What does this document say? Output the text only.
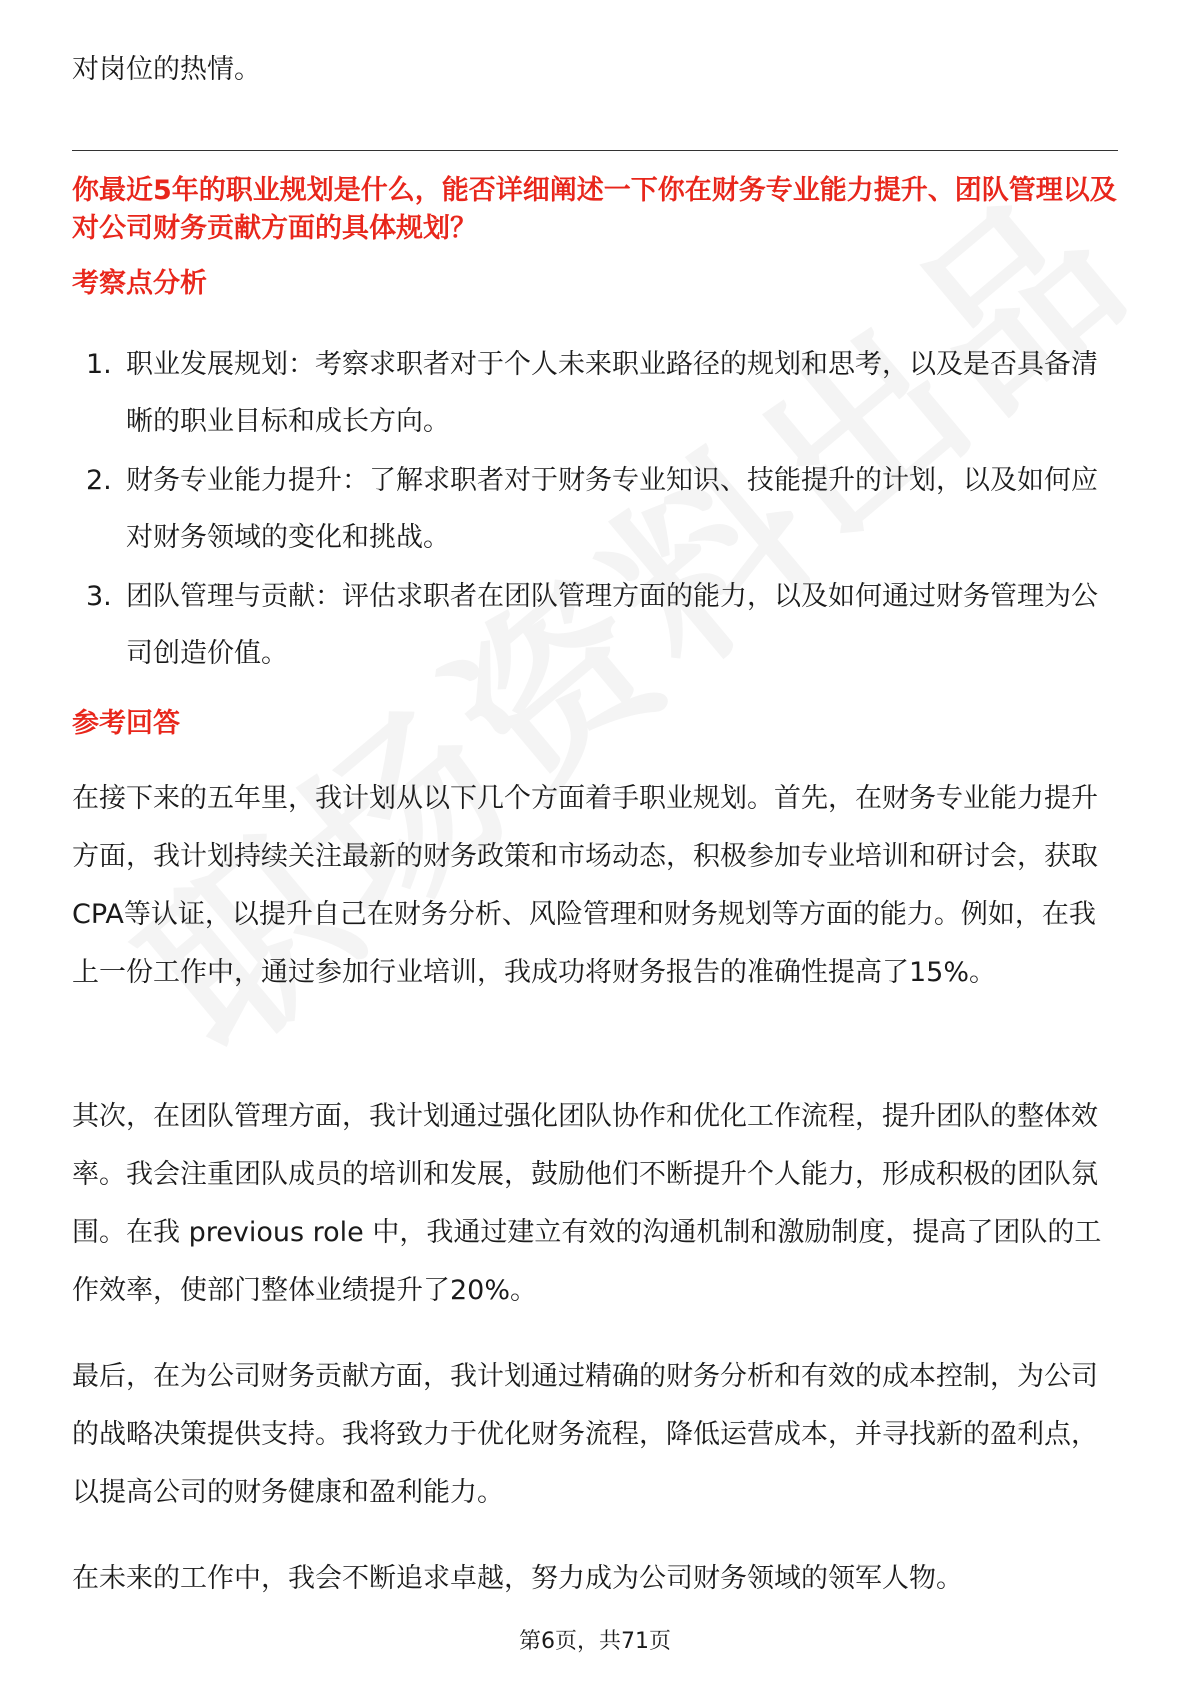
对岗位的热情。
你最近5年的职业规划是什么，能否详细阐述一下你在财务专业能力提升、团队管理以及对公司财务贡献方面的具体规划？
考察点分析
1. 职业发展规划：考察求职者对于个人未来职业路径的规划和思考，以及是否具备清晰的职业目标和成长方向。
2. 财务专业能力提升：了解求职者对于财务专业知识、技能提升的计划，以及如何应对财务领域的变化和挑战。
3. 团队管理与贡献：评估求职者在团队管理方面的能力，以及如何通过财务管理为公司创造价值。
参考回答

在接下来的五年里，我计划从以下几个方面着手职业规划。首先，在财务专业能力提升方面，我计划持续关注最新的财务政策和市场动态，积极参加专业培训和研讨会，获取CPA等认证，以提升自己在财务分析、风险管理和财务规划等方面的能力。例如，在我上一份工作中，通过参加行业培训，我成功将财务报告的准确性提高了15%。

其次，在团队管理方面，我计划通过强化团队协作和优化工作流程，提升团队的整体效率。我会注重团队成员的培训和发展，鼓励他们不断提升个人能力，形成积极的团队氛围。在我 previous role 中，我通过建立有效的沟通机制和激励制度，提高了团队的工作效率，使部门整体业绩提升了20%。

最后，在为公司财务贡献方面，我计划通过精确的财务分析和有效的成本控制，为公司的战略决策提供支持。我将致力于优化财务流程，降低运营成本，并寻找新的盈利点，以提高公司的财务健康和盈利能力。

在未来的工作中，我会不断追求卓越，努力成为公司财务领域的领军人物。

第6页，共71页
